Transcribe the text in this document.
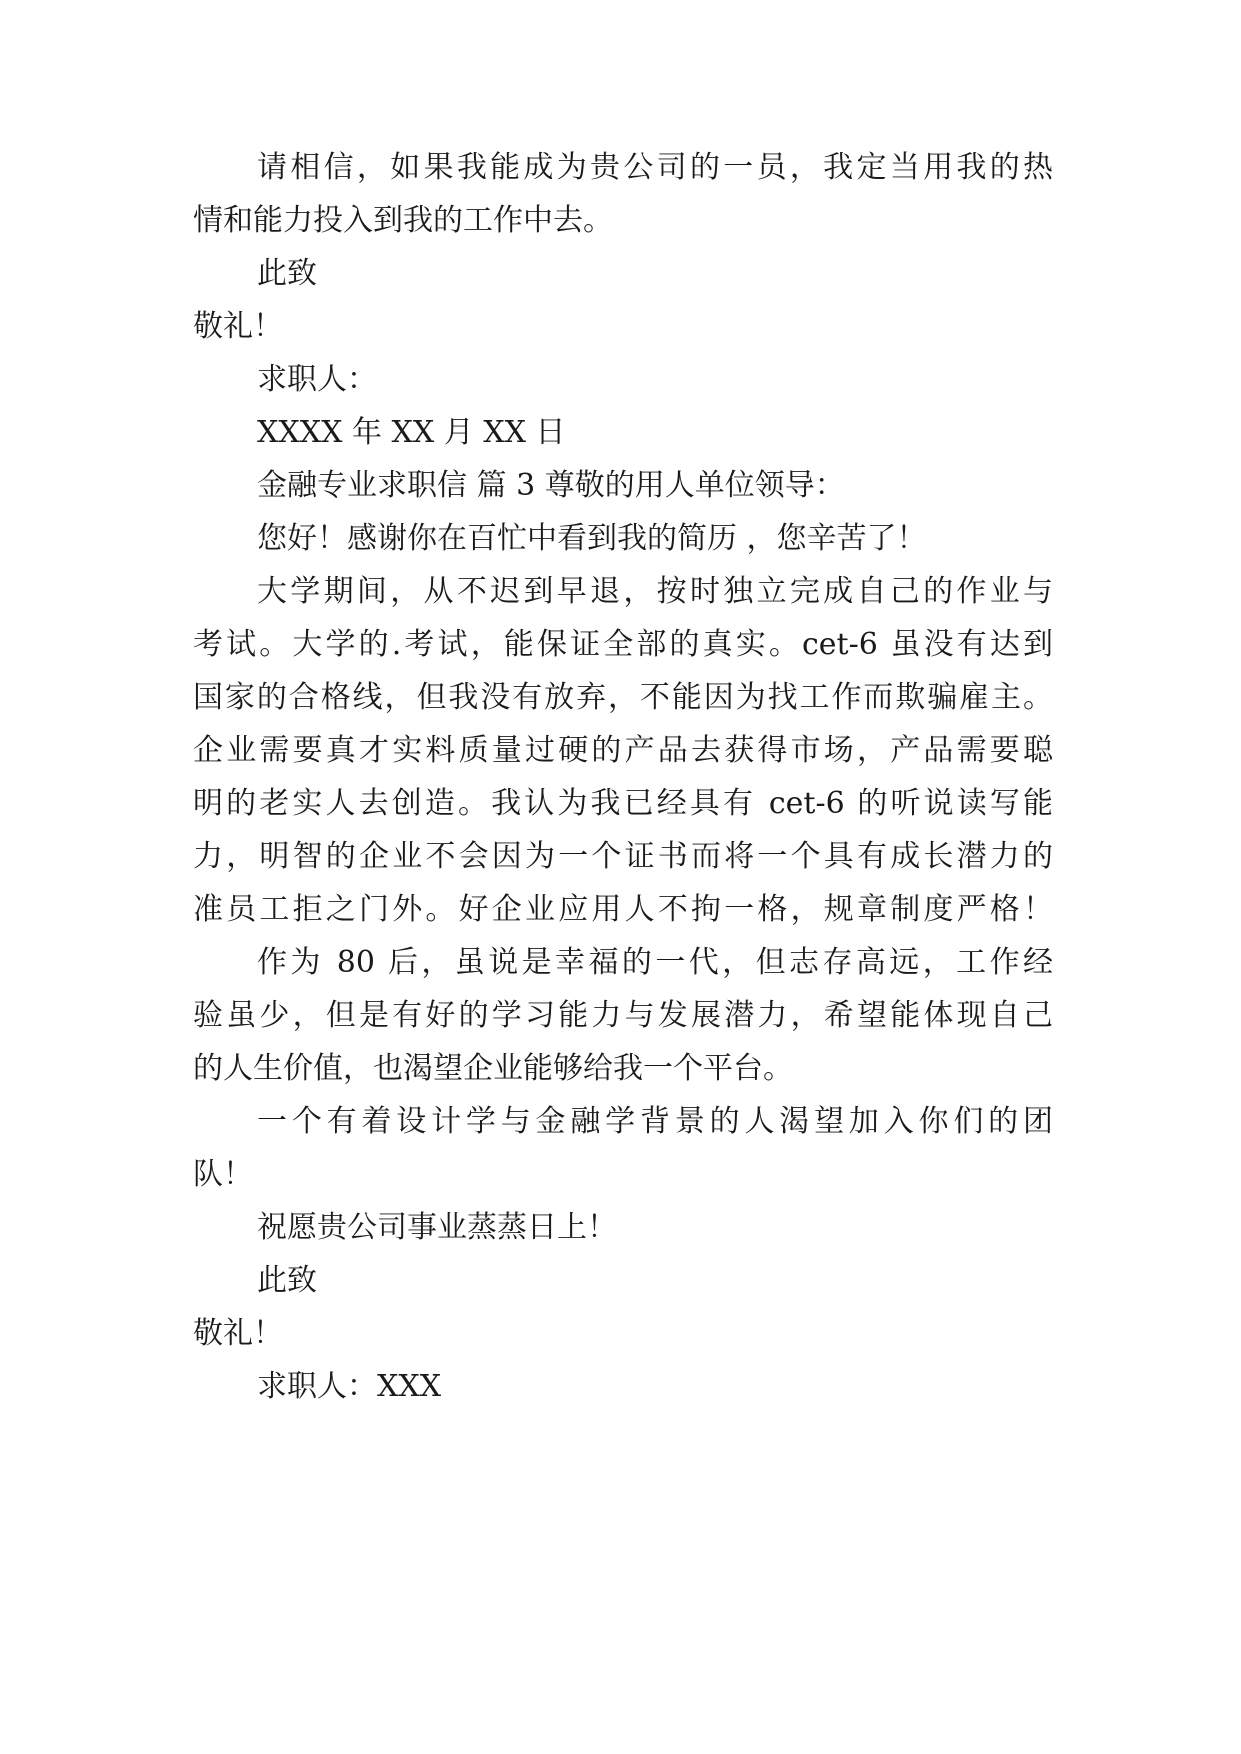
请相信，如果我能成为贵公司的一员，我定当用我的热
情和能力投入到我的工作中去。
此致
敬礼！
求职人：
XXXX 年 XX 月 XX 日
金融专业求职信 篇 3 尊敬的用人单位领导：
您好！感谢你在百忙中看到我的简历 ，您辛苦了！
大学期间，从不迟到早退，按时独立完成自己的作业与
考试。大学的.考试，能保证全部的真实。cet-6 虽没有达到
国家的合格线，但我没有放弃，不能因为找工作而欺骗雇主。
企业需要真才实料质量过硬的产品去获得市场，产品需要聪
明的老实人去创造。我认为我已经具有 cet-6 的听说读写能
力，明智的企业不会因为一个证书而将一个具有成长潜力的
准员工拒之门外。好企业应用人不拘一格，规章制度严格！
作为 80 后，虽说是幸福的一代，但志存高远，工作经
验虽少，但是有好的学习能力与发展潜力，希望能体现自己
的人生价值，也渴望企业能够给我一个平台。
一个有着设计学与金融学背景的人渴望加入你们的团
队！
祝愿贵公司事业蒸蒸日上！
此致
敬礼！
求职人：XXX
